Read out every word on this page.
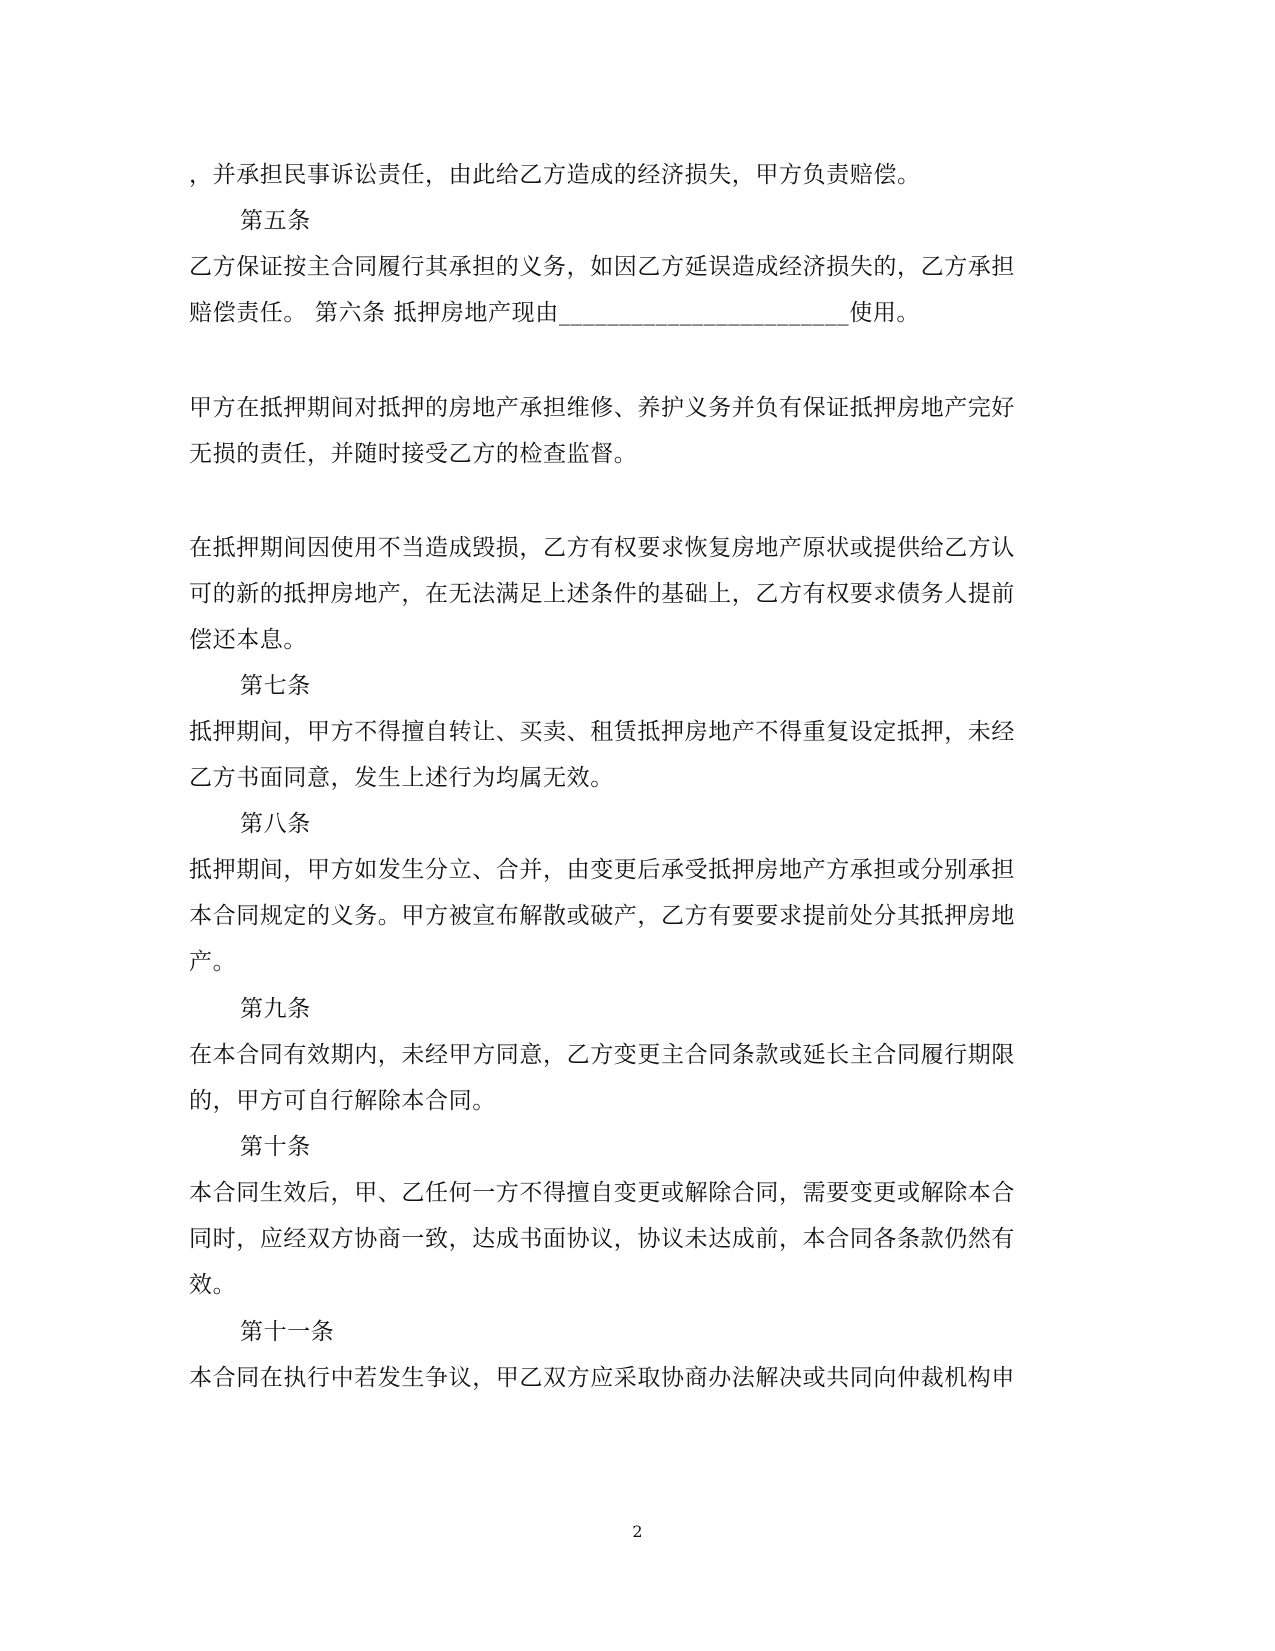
，并承担民事诉讼责任，由此给乙方造成的经济损失，甲方负责赔偿。
第五条
乙方保证按主合同履行其承担的义务，如因乙方延误造成经济损失的，乙方承担
赔偿责任。 第六条 抵押房地产现由________________________使用。
甲方在抵押期间对抵押的房地产承担维修、养护义务并负有保证抵押房地产完好
无损的责任，并随时接受乙方的检查监督。
在抵押期间因使用不当造成毁损，乙方有权要求恢复房地产原状或提供给乙方认
可的新的抵押房地产，在无法满足上述条件的基础上，乙方有权要求债务人提前
偿还本息。
第七条
抵押期间，甲方不得擅自转让、买卖、租赁抵押房地产不得重复设定抵押，未经
乙方书面同意，发生上述行为均属无效。
第八条
抵押期间，甲方如发生分立、合并，由变更后承受抵押房地产方承担或分别承担
本合同规定的义务。甲方被宣布解散或破产，乙方有要要求提前处分其抵押房地
产。
第九条
在本合同有效期内，未经甲方同意，乙方变更主合同条款或延长主合同履行期限
的，甲方可自行解除本合同。
第十条
本合同生效后，甲、乙任何一方不得擅自变更或解除合同，需要变更或解除本合
同时，应经双方协商一致，达成书面协议，协议未达成前，本合同各条款仍然有
效。
第十一条
本合同在执行中若发生争议，甲乙双方应采取协商办法解决或共同向仲裁机构申
2
